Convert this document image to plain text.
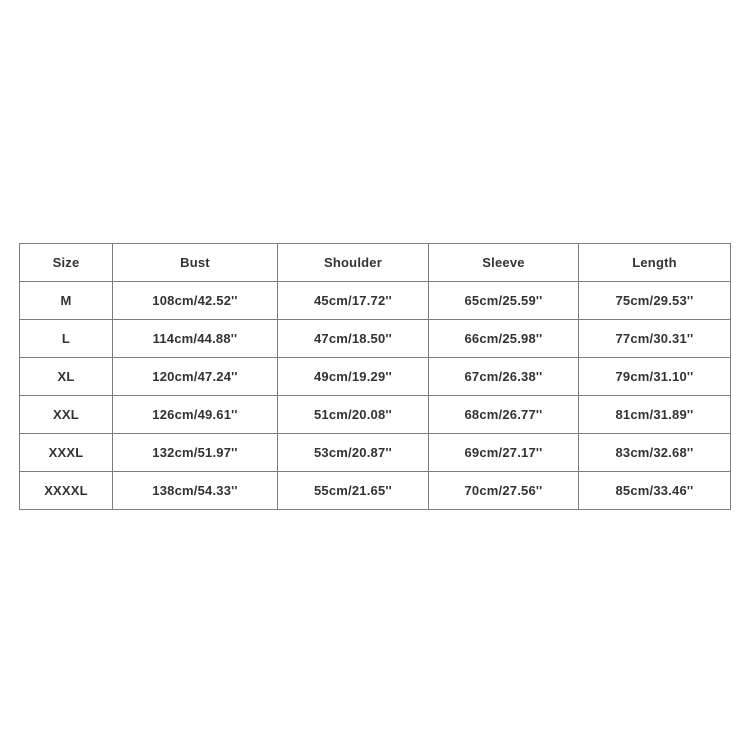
Size	Bust	Shoulder	Sleeve	Length
M	108cm/42.52''	45cm/17.72''	65cm/25.59''	75cm/29.53''
L	114cm/44.88''	47cm/18.50''	66cm/25.98''	77cm/30.31''
XL	120cm/47.24''	49cm/19.29''	67cm/26.38''	79cm/31.10''
XXL	126cm/49.61''	51cm/20.08''	68cm/26.77''	81cm/31.89''
XXXL	132cm/51.97''	53cm/20.87''	69cm/27.17''	83cm/32.68''
XXXXL	138cm/54.33''	55cm/21.65''	70cm/27.56''	85cm/33.46''
